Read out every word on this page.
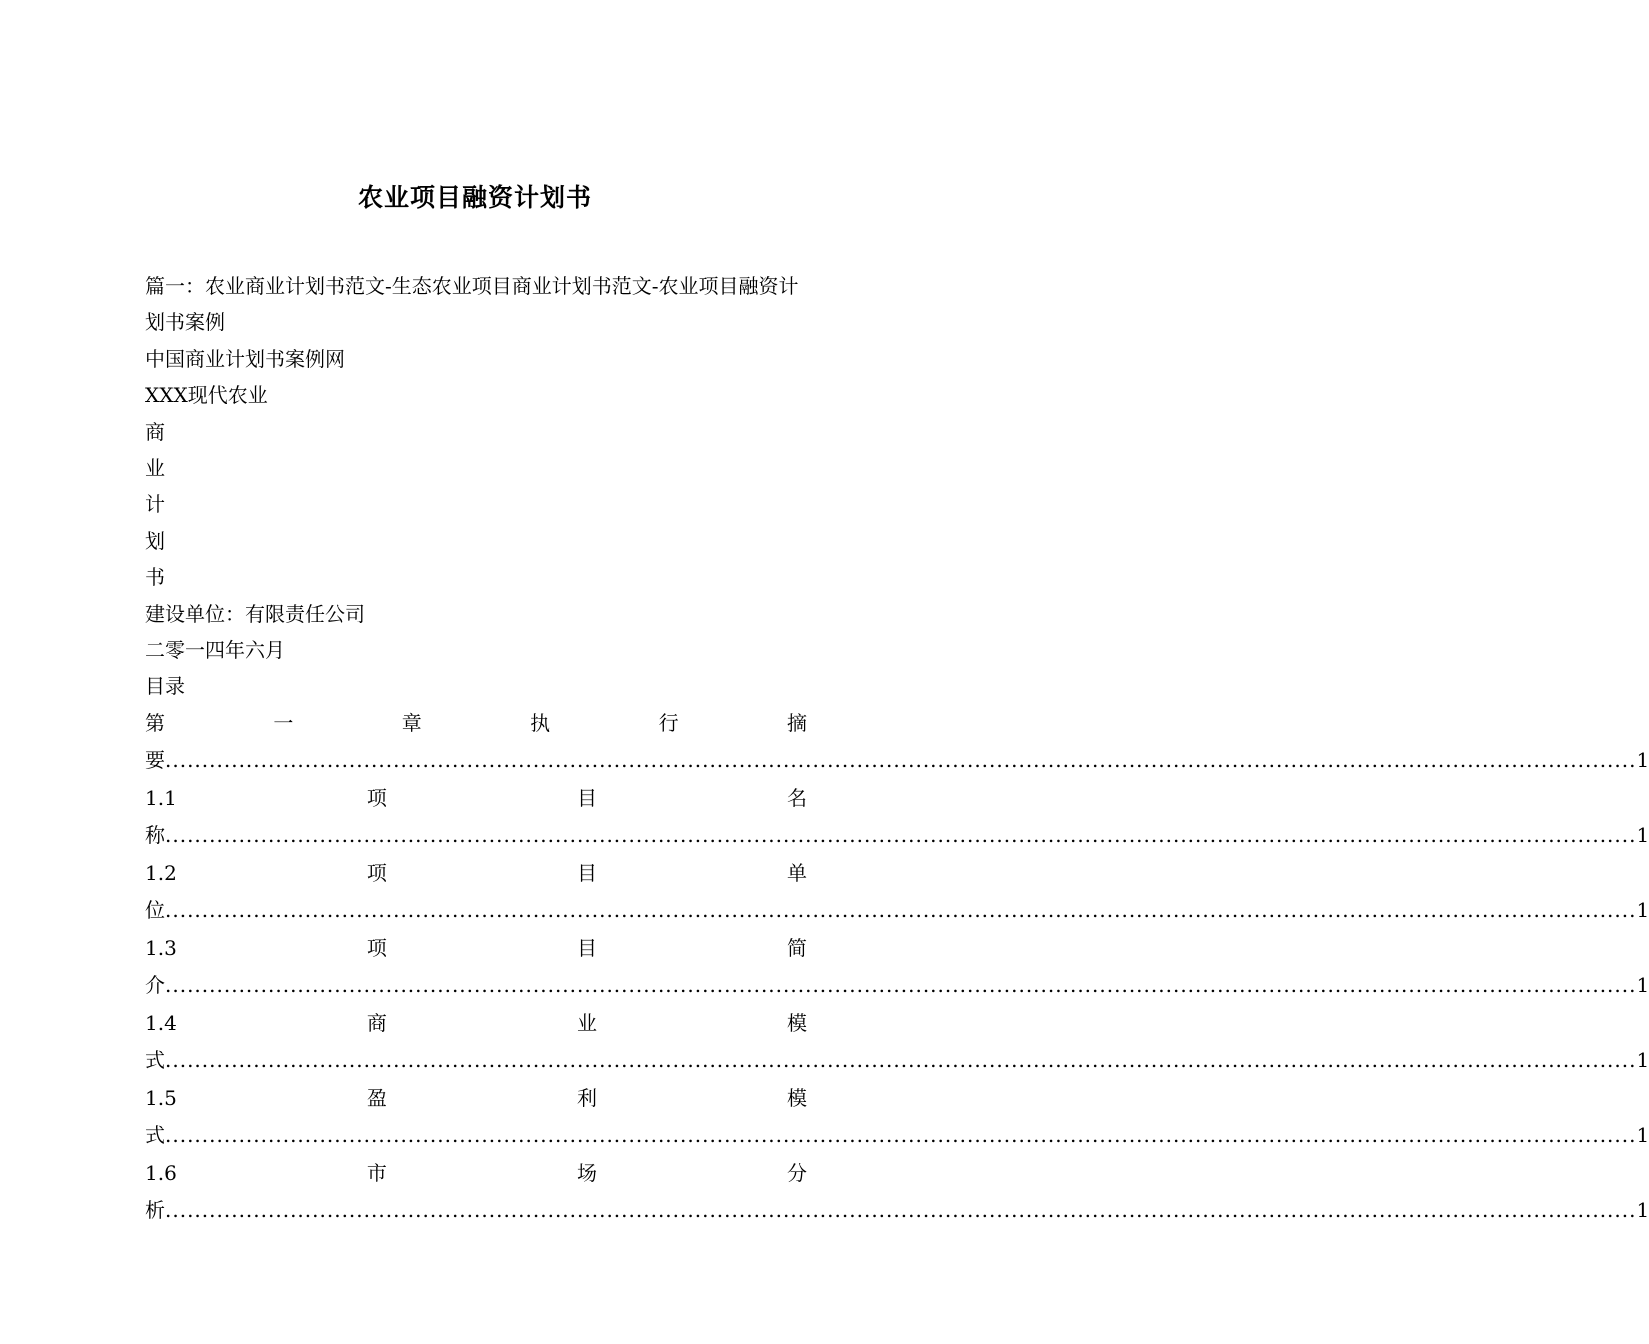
农业项目融资计划书
篇一：农业商业计划书范文-生态农业项目商业计划书范文-农业项目融资计划书案例
中国商业计划书案例网
XXX现代农业
商
业
计
划
书
建设单位：有限责任公司
二零一四年六月
目录
第	一	章	执	行	摘
要 ........................................................................................................................................................................................................ 1
1.1	项	目	名
称 ........................................................................................................................................................................................................ 1
1.2	项	目	单
位 ........................................................................................................................................................................................................ 1
1.3	项	目	简
介 ........................................................................................................................................................................................................ 1
1.4	商	业	模
式 ........................................................................................................................................................................................................ 1
1.5	盈	利	模
式 ........................................................................................................................................................................................................ 1
1.6	市	场	分
析 ........................................................................................................................................................................................................ 1
